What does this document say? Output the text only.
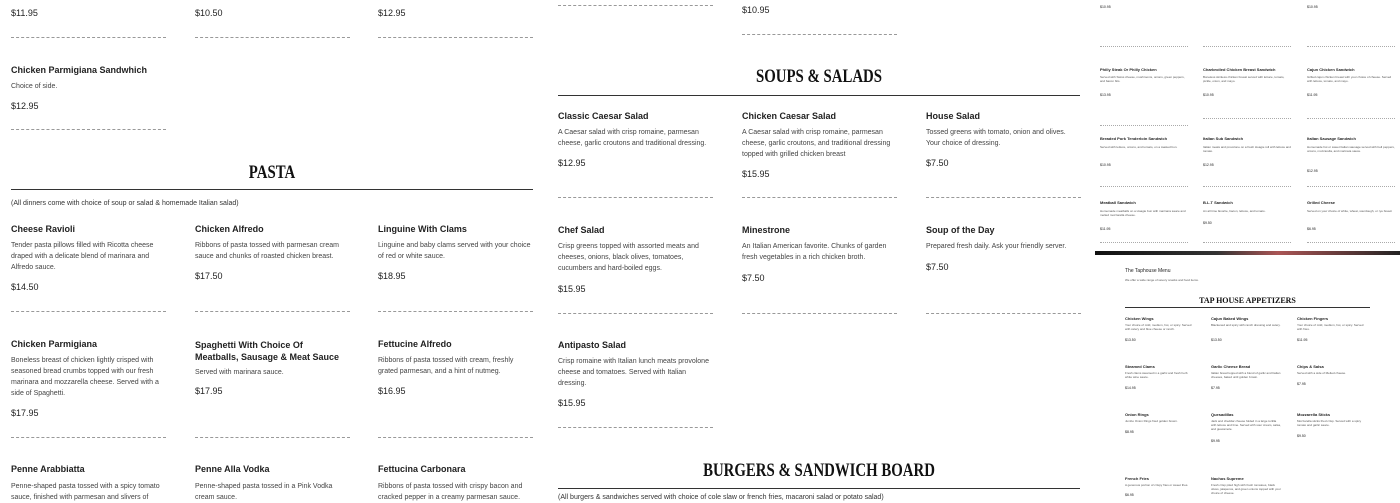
$11.95
Chicken Parmigiana Sandwhich
Choice of side.
$12.95
$10.50	$12.95
PASTA
(All dinners come with choice of soup or salad & homemade Italian salad)
Cheese Ravioli
Tender pasta pillows filled with Ricotta cheese draped with a delicate blend of marinara and Alfredo sauce.
$14.50
Chicken Alfredo
Ribbons of pasta tossed with parmesan cream sauce and chunks of roasted chicken breast.
$17.50
Linguine With Clams
Linguine and baby clams served with your choice of red or white sauce.
$18.95
Chicken Parmigiana
Boneless breast of chicken lightly crisped with seasoned bread crumbs topped with our fresh marinara and mozzarella cheese. Served with a side of Spaghetti.
$17.95
Spaghetti With Choice Of Meatballs, Sausage & Meat Sauce
Served with marinara sauce.
$17.95
Fettucine Alfredo
Ribbons of pasta tossed with cream, freshly grated parmesan, and a hint of nutmeg.
$16.95
Penne Arabbiatta
Penne-shaped pasta tossed with a spicy tomato sauce, finished with parmesan and slivers of
Penne Alla Vodka
Penne-shaped pasta tossed in a Pink Vodka cream sauce.
Fettucina Carbonara
Ribbons of pasta tossed with crispy bacon and cracked pepper in a creamy parmesan sauce.
$10.95
SOUPS & SALADS
Classic Caesar Salad
A Caesar salad with crisp romaine, parmesan cheese, garlic croutons and traditional dressing.
$12.95
Chicken Caesar Salad
A Caesar salad with crisp romaine, parmesan cheese, garlic croutons, and traditional dressing topped with grilled chicken breast
$15.95
House Salad
Tossed greens with tomato, onion and olives. Your choice of dressing.
$7.50
Chef Salad
Crisp greens topped with assorted meats and cheeses, onions, black olives, tomatoes, cucumbers and hard-boiled eggs.
$15.95
Minestrone
An Italian American favorite. Chunks of garden fresh vegetables in a rich chicken broth.
$7.50
Soup of the Day
Prepared fresh daily. Ask your friendly server.
$7.50
Antipasto Salad
Crisp romaine with Italian lunch meats provolone cheese and tomatoes. Served with Italian dressing.
$15.95
BURGERS & SANDWICH BOARD
(All burgers & sandwiches served with choice of cole slaw or french fries, macaroni salad or potato salad)
$10.95	$10.95
Philly Steak Or Philly Chicken
Served with Swiss cheese, mushrooms, onions, green peppers, and bacon bits.
$13.95
Charbroiled Chicken Breast Sandwich
Boneless skinless chicken breast served with lettuce, tomato, pickle, onion, and mayo.
$10.95
Cajun Chicken Sandwich
Grilled cajun chicken breast with your choice of cheese. Served with lettuce, tomato, and mayo.
$11.95
Breaded Pork Tenderloin Sandwich
Served with lettuce, onions, and tomato, on a toasted bun.
$10.95
Italian Sub Sandwich
Italian meats and provolone on a fresh Hoagie roll with lettuce and tomato.
$12.95
Italian Sausage Sandwich
Homemade hot or sweet Italian sausage served with bell peppers, onions, mozzarella, and marinara sauce.
$12.95
Meatball Sandwich
Homemade meatballs on a Hoagie bun with marinara sauce and melted mozzarella cheese.
$11.95
B.L.T Sandwich
An all time favorite, bacon, lettuce, and tomato.
$9.50
Grilled Cheese
Served on your choice of white, wheat, sourdough, or rye bread.
$6.95
The Taphouse Menu
We offer a wide range of savory snacks and food items.
TAP HOUSE APPETIZERS
Chicken Wings
Your choice of mild, medium, hot, or spicy. Served with celery and blue cheese or ranch.
$13.50
Cajun Baked Wings
Blackened and spicy with ranch dressing and celery.
$13.50
Chicken Fingers
Your choice of mild, medium, hot, or spicy. Served with fries.
$11.95
Steamed Clams
Fresh clams steamed in a garlic and fresh herb white wine sauce.
$14.95
Garlic Cheese Bread
Italian bread topped with a blend of garlic and Italian cheeses, baked until golden brown.
$7.95
Chips & Salsa
Served with a side of Melted cheese.
$7.95
Onion Rings
Jumbo Onion Rings fried golden brown.
$8.95
Quesadillas
Jack and cheddar cheese folded in a large tortilla with lettuce and lime. Served with sour cream, salsa, and guacamole.
$9.95
Mozzarella Sticks
Mozzarella sticks fried crisp. Served with a spicy tomato and garlic sauce.
$9.50
French Fries
A generous portion of crispy fries or sweet fries.
$6.95
Nachos Supreme
Fresh crisp piled high with fresh tomatoes, black olives, jalapenos, and green onions topped with your choice of cheese.
